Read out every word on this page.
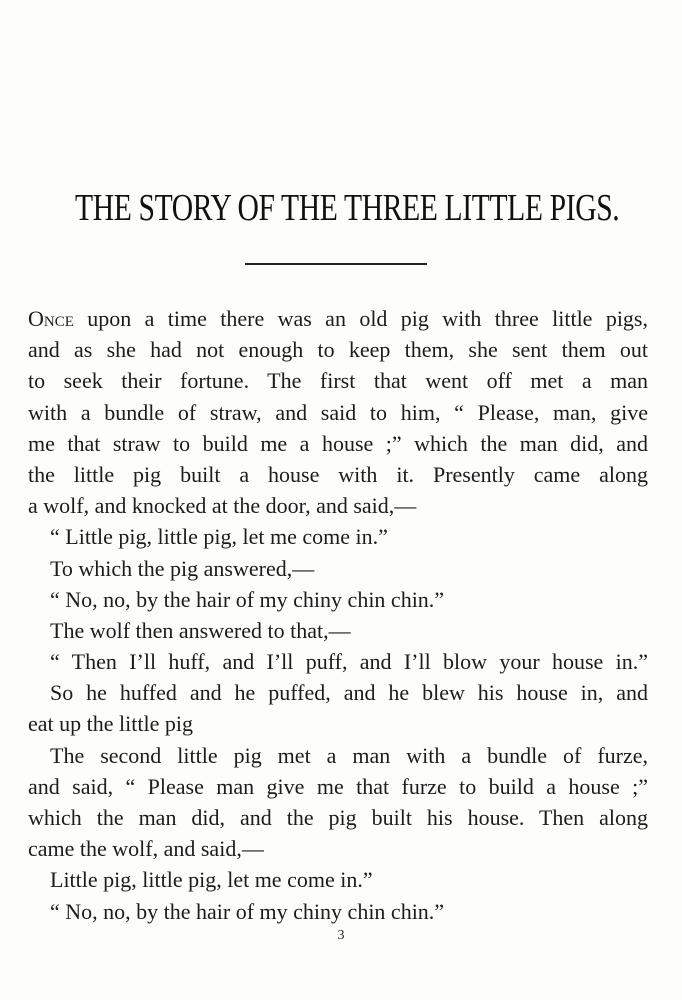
THE STORY OF THE THREE LITTLE PIGS.
Once upon a time there was an old pig with three little pigs,
and as she had not enough to keep them, she sent them out
to seek their fortune. The first that went off met a man
with a bundle of straw, and said to him, “ Please, man, give
me that straw to build me a house ;” which the man did, and
the little pig built a house with it. Presently came along
a wolf, and knocked at the door, and said,—
“ Little pig, little pig, let me come in.”
To which the pig answered,—
“ No, no, by the hair of my chiny chin chin.”
The wolf then answered to that,—
“ Then I’ll huff, and I’ll puff, and I’ll blow your house in.”
So he huffed and he puffed, and he blew his house in, and
eat up the little pig
The second little pig met a man with a bundle of furze,
and said, “ Please man give me that furze to build a house ;”
which the man did, and the pig built his house. Then along
came the wolf, and said,—
Little pig, little pig, let me come in.”
“ No, no, by the hair of my chiny chin chin.”
3
